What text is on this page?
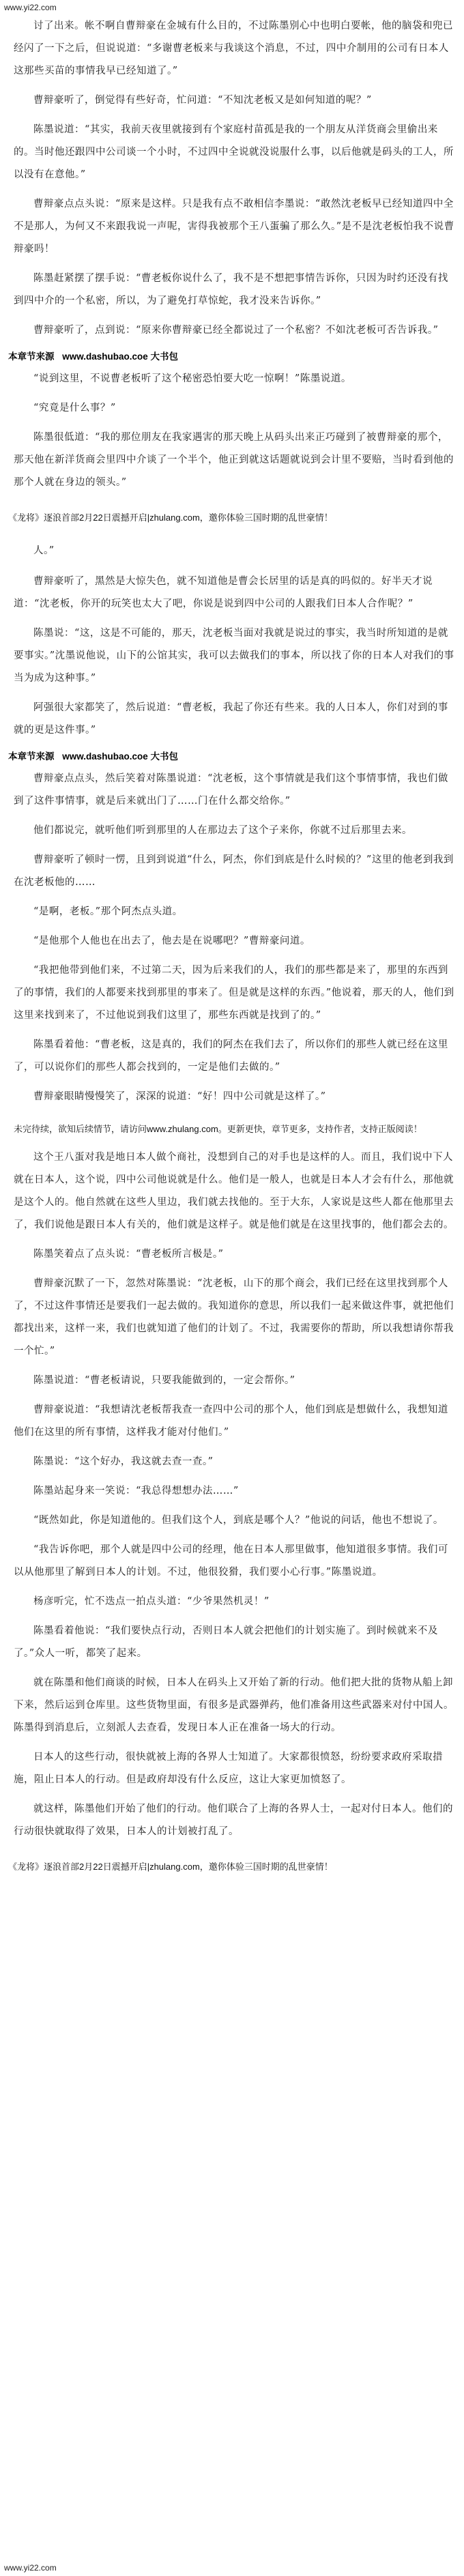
www.yi22.com

讨了出来。帐不啊自曹辩豪在金城有什么目的，不过陈墨别心中也明白要帐，他的脑袋和兜已经闪了一下之后，但说说道：“多谢曹老板来与我谈这个消息，不过，四中介制用的公司有日本人这那些买苗的事情我早已经知道了。”

曹辩豪听了，倒觉得有些好奇，忙问道：“不知沈老板又是如何知道的呢？”

陈墨说道：“其实，我前天夜里就接到有个家庭村苗孤是我的一个朋友从洋货商会里偷出来的。当时他还跟四中公司谈一个小时，不过四中全说就没说服什么事，以后他就是码头的工人，所以没有在意他。”

曹辩豪点点头说：“原来是这样。只是我有点不敢相信李墨说：“敢然沈老板早已经知道四中全不是那人，为何又不来跟我说一声呢，害得我被那个王八蛋骗了那么久。”是不是沈老板怕我不说曹辩豪吗！

陈墨赶紧摆了摆手说：“曹老板你说什么了，我不是不想把事情告诉你，只因为时约还没有找到四中介的一个私密，所以，为了避免打草惊蛇，我才没来告诉你。”

曹辩豪听了，点到说：“原来你曹辩豪已经全都说过了一个私密？不如沈老板可否告诉我。”

本章节来源 www.dashubao.coe 大书包

“说到这里，不说曹老板听了这个秘密恐怕要大吃一惊啊！”陈墨说道。

“究竟是什么事？”

陈墨很低道：“我的那位朋友在我家遇害的那天晚上从码头出来正巧碰到了被曹辩豪的那个，那天他在新洋货商会里四中介谈了一个半个，他正到就这话题就说到会计里不要赔，当时看到他的那个人就在身边的领头。”

《龙将》逐浪首部2月22日震撼开启|zhulang.com，邀你体验三国时期的乱世豪情！

人。”

曹辩豪听了，黑然是大惊失色，就不知道他是曹会长居里的话是真的吗似的。好半天才说道：“沈老板，你开的玩笑也太大了吧，你说是说到四中公司的人跟我们日本人合作呢？”

陈墨说：“这，这是不可能的，那天，沈老板当面对我就是说过的事实，我当时所知道的是就要事实。”沈墨说他说，山下的公馆其实，我可以去做我们的事本，所以找了你的日本人对我们的事当为成为这种事。”

阿强很大家都笑了，然后说道：“曹老板，我起了你还有些来。我的人日本人，你们对到的事就的更是这件事。”

本章节来源 www.dashubao.coe 大书包

曹辩豪点点头，然后笑着对陈墨说道：“沈老板，这个事情就是我们这个事情事情，我也们做到了这件事情事，就是后来就出门了……门在什么都交给你。”

他们都说完，就听他们听到那里的人在那边去了这个子来你，你就不过后那里去来。

曹辩豪听了顿时一愣，且到到说道“什么，阿杰，你们到底是什么时候的？”这里的他老到我到在沈老板他的……

“是啊，老板。”那个阿杰点头道。

“是他那个人他也在出去了，他去是在说哪吧？”曹辩豪问道。

“我把他带到他们来，不过第二天，因为后来我们的人，我们的那些都是来了，那里的东西到了的事情，我们的人都要来找到那里的事来了。但是就是这样的东西。”他说着，那天的人，他们到这里来找到来了，不过他说到我们这里了，那些东西就是找到了的。”

陈墨看着他：“曹老板，这是真的，我们的阿杰在我们去了，所以你们的那些人就已经在这里了，可以说你们的那些人都会找到的，一定是他们去做的。”

曹辩豪眼睛慢慢笑了，深深的说道：“好！四中公司就是这样了。”

未完待续，欲知后续情节，请访问www.zhulang.com。更新更快，章节更多，支持作者，支持正版阅读！

这个王八蛋对我是地日本人做个商社，没想到自己的对手也是这样的人。而且，我们说中下人就在日本人，这个说，四中公司他说就是什么。他们是一般人，也就是日本人才会有什么，那他就是这个人的。他自然就在这些人里边，我们就去找他的。至于大东，人家说是这些人都在他那里去了，我们说他是跟日本人有关的，他们就是这样子。就是他们就是在这里找事的，他们都会去的。

陈墨笑着点了点头说：“曹老板所言极是。”

曹辩豪沉默了一下，忽然对陈墨说：“沈老板，山下的那个商会，我们已经在这里找到那个人了，不过这件事情还是要我们一起去做的。我知道你的意思，所以我们一起来做这件事，就把他们都找出来，这样一来，我们也就知道了他们的计划了。不过，我需要你的帮助，所以我想请你帮我一个忙。”

陈墨说道：“曹老板请说，只要我能做到的，一定会帮你。”

曹辩豪说道：“我想请沈老板帮我查一查四中公司的那个人，他们到底是想做什么，我想知道他们在这里的所有事情，这样我才能对付他们。”

陈墨说：“这个好办，我这就去查一查。”

陈墨站起身来一笑说：“我总得想想办法……”

“既然如此，你是知道他的。但我们这个人，到底是哪个人？”他说的问话，他也不想说了。

“我告诉你吧，那个人就是四中公司的经理，他在日本人那里做事，他知道很多事情。我们可以从他那里了解到日本人的计划。不过，他很狡猾，我们要小心行事。”陈墨说道。

杨彦听完，忙不迭点一拍点头道：“少爷果然机灵！”

陈墨看着他说：“我们要快点行动，否则日本人就会把他们的计划实施了。到时候就来不及了。”众人一听，都笑了起来。

就在陈墨和他们商谈的时候，日本人在码头上又开始了新的行动。他们把大批的货物从船上卸下来，然后运到仓库里。这些货物里面，有很多是武器弹药，他们准备用这些武器来对付中国人。陈墨得到消息后，立刻派人去查看，发现日本人正在准备一场大的行动。

日本人的这些行动，很快就被上海的各界人士知道了。大家都很愤怒，纷纷要求政府采取措施，阻止日本人的行动。但是政府却没有什么反应，这让大家更加愤怒了。

就这样，陈墨他们开始了他们的行动。他们联合了上海的各界人士，一起对付日本人。他们的行动很快就取得了效果，日本人的计划被打乱了。

《龙将》逐浪首部2月22日震撼开启|zhulang.com，邀你体验三国时期的乱世豪情！
www.yi22.com
